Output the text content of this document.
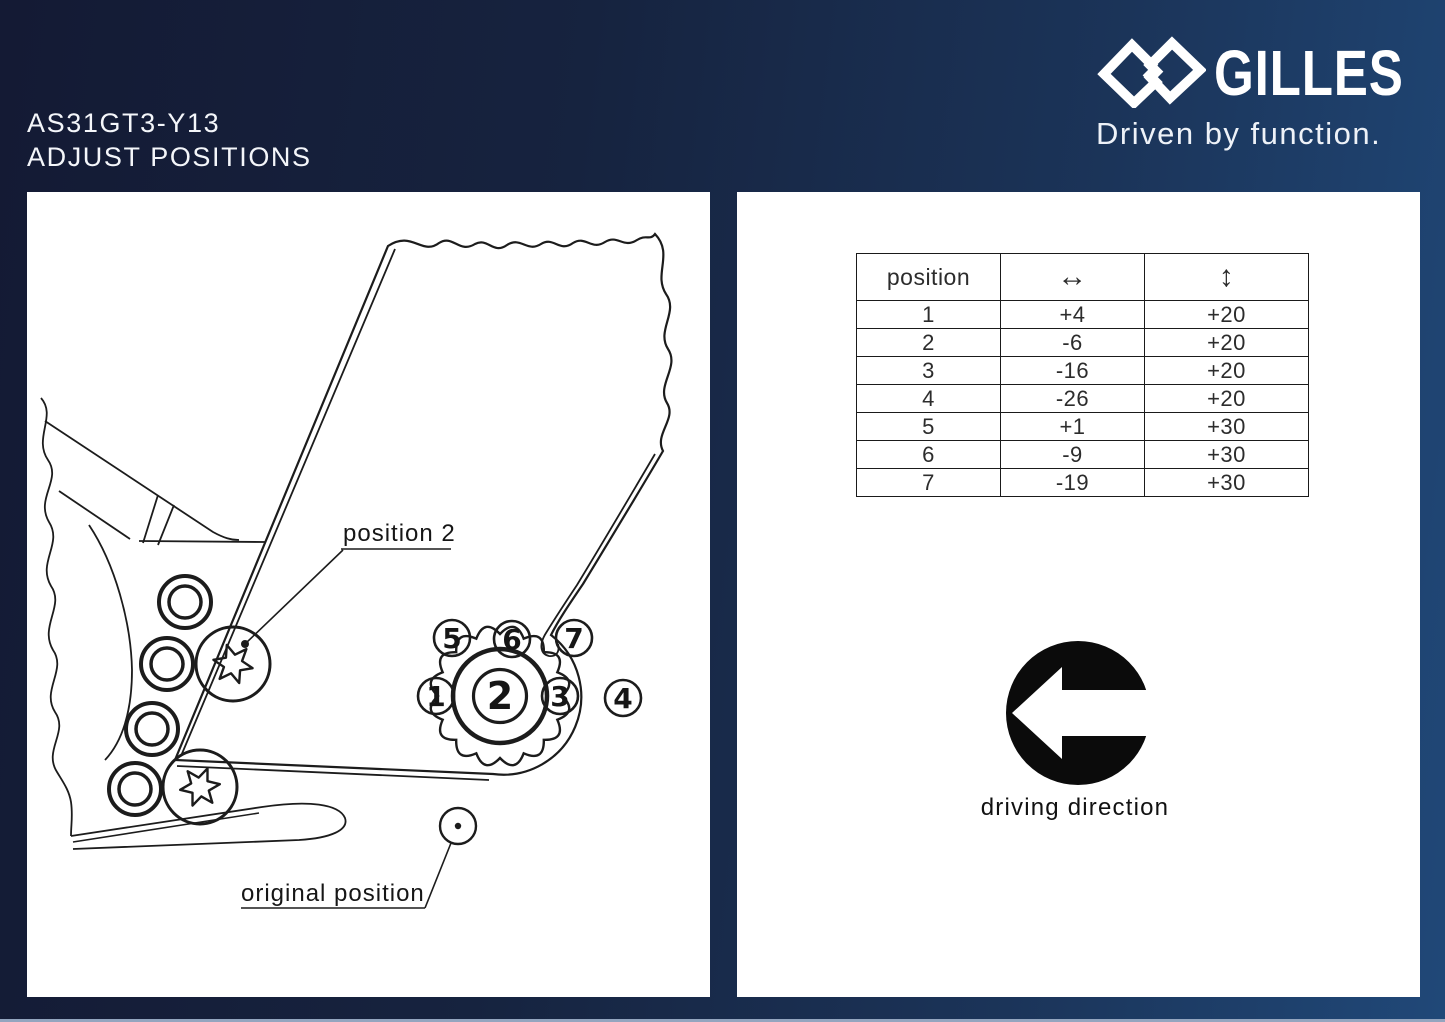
AS31GT3-Y13
ADJUST POSITIONS
GILLES
Driven by function.
2
1	3 4
5 6 7
position 2
original position
position	↔	↕
1	+4	+20
2	-6	+20
3	-16	+20
4	-26	+20
5	+1	+30
6	-9	+30
7	-19	+30
driving direction
